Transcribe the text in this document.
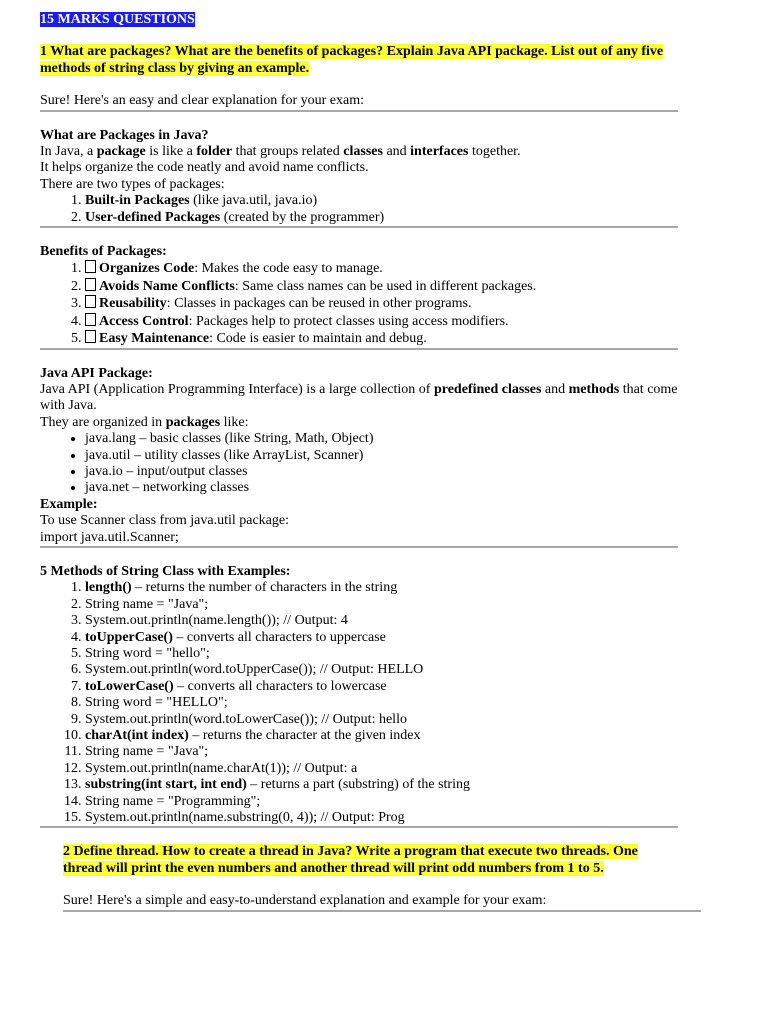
15 MARKS QUESTIONS

1 What are packages? What are the benefits of packages? Explain Java API package. List out of any five methods of string class by giving an example.

Sure! Here's an easy and clear explanation for your exam:

What are Packages in Java?

In Java, a package is like a folder that groups related classes and interfaces together.

It helps organize the code neatly and avoid name conflicts.

There are two types of packages:

1. Built-in Packages (like java.util, java.io)
2. User-defined Packages (created by the programmer)

Benefits of Packages:

1. Organizes Code: Makes the code easy to manage.
2. Avoids Name Conflicts: Same class names can be used in different packages.
3. Reusability: Classes in packages can be reused in other programs.
4. Access Control: Packages help to protect classes using access modifiers.
5. Easy Maintenance: Code is easier to maintain and debug.

Java API Package:

Java API (Application Programming Interface) is a large collection of predefined classes and methods that come with Java.

They are organized in packages like:

• java.lang – basic classes (like String, Math, Object)
• java.util – utility classes (like ArrayList, Scanner)
• java.io – input/output classes
• java.net – networking classes

Example:

To use Scanner class from java.util package:

import java.util.Scanner;

5 Methods of String Class with Examples:

1. length() – returns the number of characters in the string
2. String name = "Java";
3. System.out.println(name.length()); // Output: 4
4. toUpperCase() – converts all characters to uppercase
5. String word = "hello";
6. System.out.println(word.toUpperCase()); // Output: HELLO
7. toLowerCase() – converts all characters to lowercase
8. String word = "HELLO";
9. System.out.println(word.toLowerCase()); // Output: hello
10. charAt(int index) – returns the character at the given index
11. String name = "Java";
12. System.out.println(name.charAt(1)); // Output: a
13. substring(int start, int end) – returns a part (substring) of the string
14. String name = "Programming";
15. System.out.println(name.substring(0, 4)); // Output: Prog

2 Define thread. How to create a thread in Java? Write a program that execute two threads. One thread will print the even numbers and another thread will print odd numbers from 1 to 5.

Sure! Here's a simple and easy-to-understand explanation and example for your exam:
